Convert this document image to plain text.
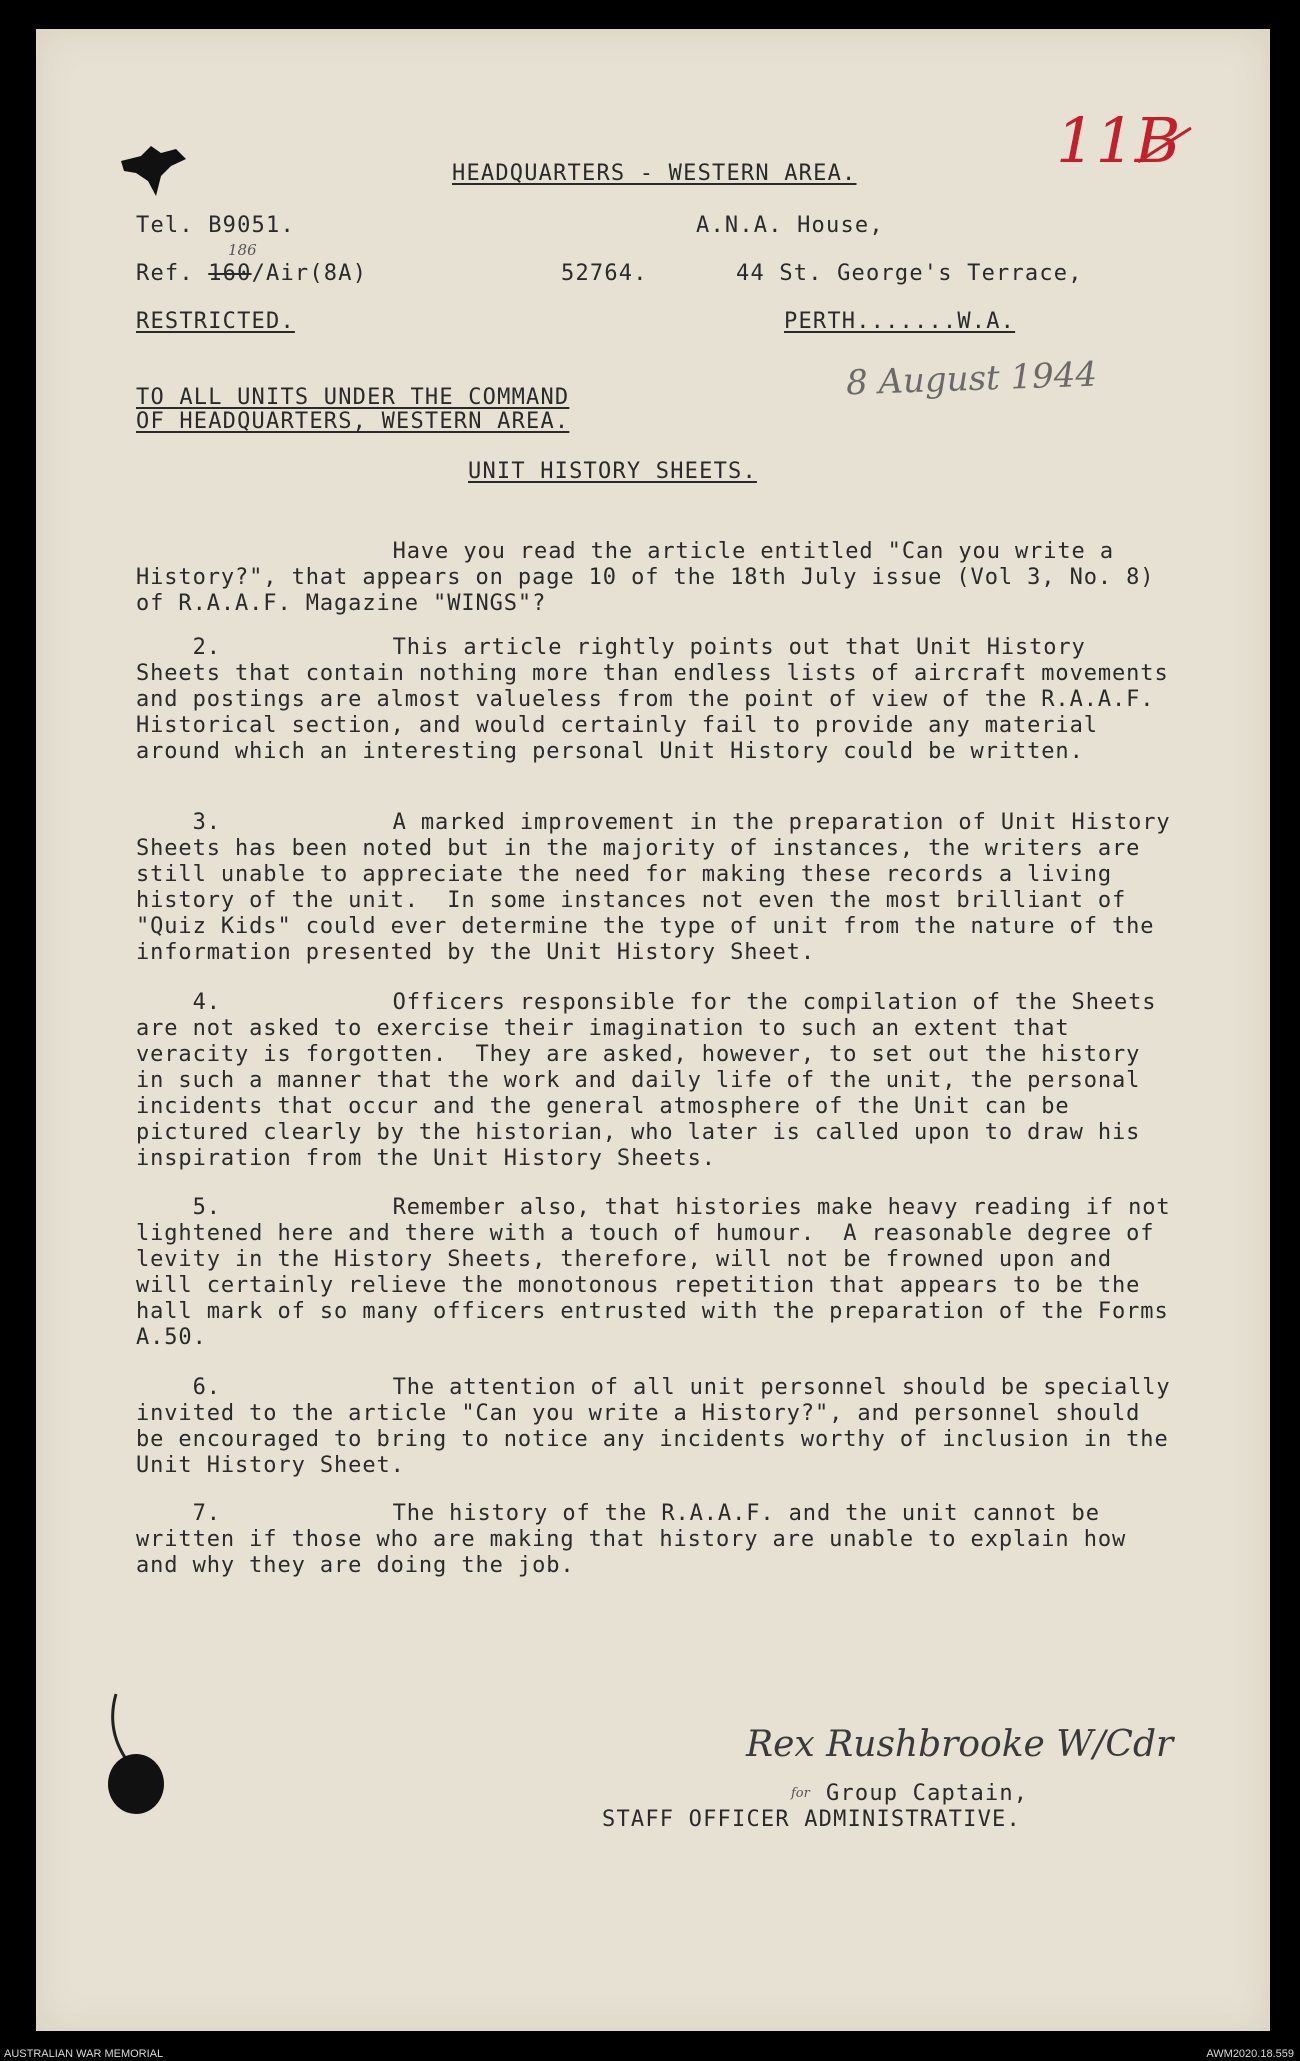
11B
HEADQUARTERS - WESTERN AREA.
Tel. B9051.	A.N.A. House,
Ref. 160/Air(8A)
186
52764.	44 St. George's Terrace,
RESTRICTED.	PERTH.......W.A.
8 August 1944
TO ALL UNITS UNDER THE COMMAND
OF HEADQUARTERS, WESTERN AREA.
UNIT HISTORY SHEETS.

Have you read the article entitled "Can you write a History?", that appears on page 10 of the 18th July issue (Vol 3, No. 8) of R.A.A.F. Magazine "WINGS"?

2.	This article rightly points out that Unit History Sheets that contain nothing more than endless lists of aircraft movements and postings are almost valueless from the point of view of the R.A.A.F. Historical section, and would certainly fail to provide any material around which an interesting personal Unit History could be written.

3.	A marked improvement in the preparation of Unit History Sheets has been noted but in the majority of instances, the writers are still unable to appreciate the need for making these records a living history of the unit.  In some instances not even the most brilliant of "Quiz Kids" could ever determine the type of unit from the nature of the information presented by the Unit History Sheet.

4.	Officers responsible for the compilation of the Sheets are not asked to exercise their imagination to such an extent that veracity is forgotten.  They are asked, however, to set out the history in such a manner that the work and daily life of the unit, the personal incidents that occur and the general atmosphere of the Unit can be pictured clearly by the historian, who later is called upon to draw his inspiration from the Unit History Sheets.

5.	Remember also, that histories make heavy reading if not lightened here and there with a touch of humour.  A reasonable degree of levity in the History Sheets, therefore, will not be frowned upon and will certainly relieve the monotonous repetition that appears to be the hall mark of so many officers entrusted with the preparation of the Forms A.50.

6.	The attention of all unit personnel should be specially invited to the article "Can you write a History?", and personnel should be encouraged to bring to notice any incidents worthy of inclusion in the Unit History Sheet.

7.	The history of the R.A.A.F. and the unit cannot be written if those who are making that history are unable to explain how and why they are doing the job.

Rex Rushbrooke W/Cdr
for Group Captain,
STAFF OFFICER ADMINISTRATIVE.
AUSTRALIAN WAR MEMORIAL	AWM2020.18.559
